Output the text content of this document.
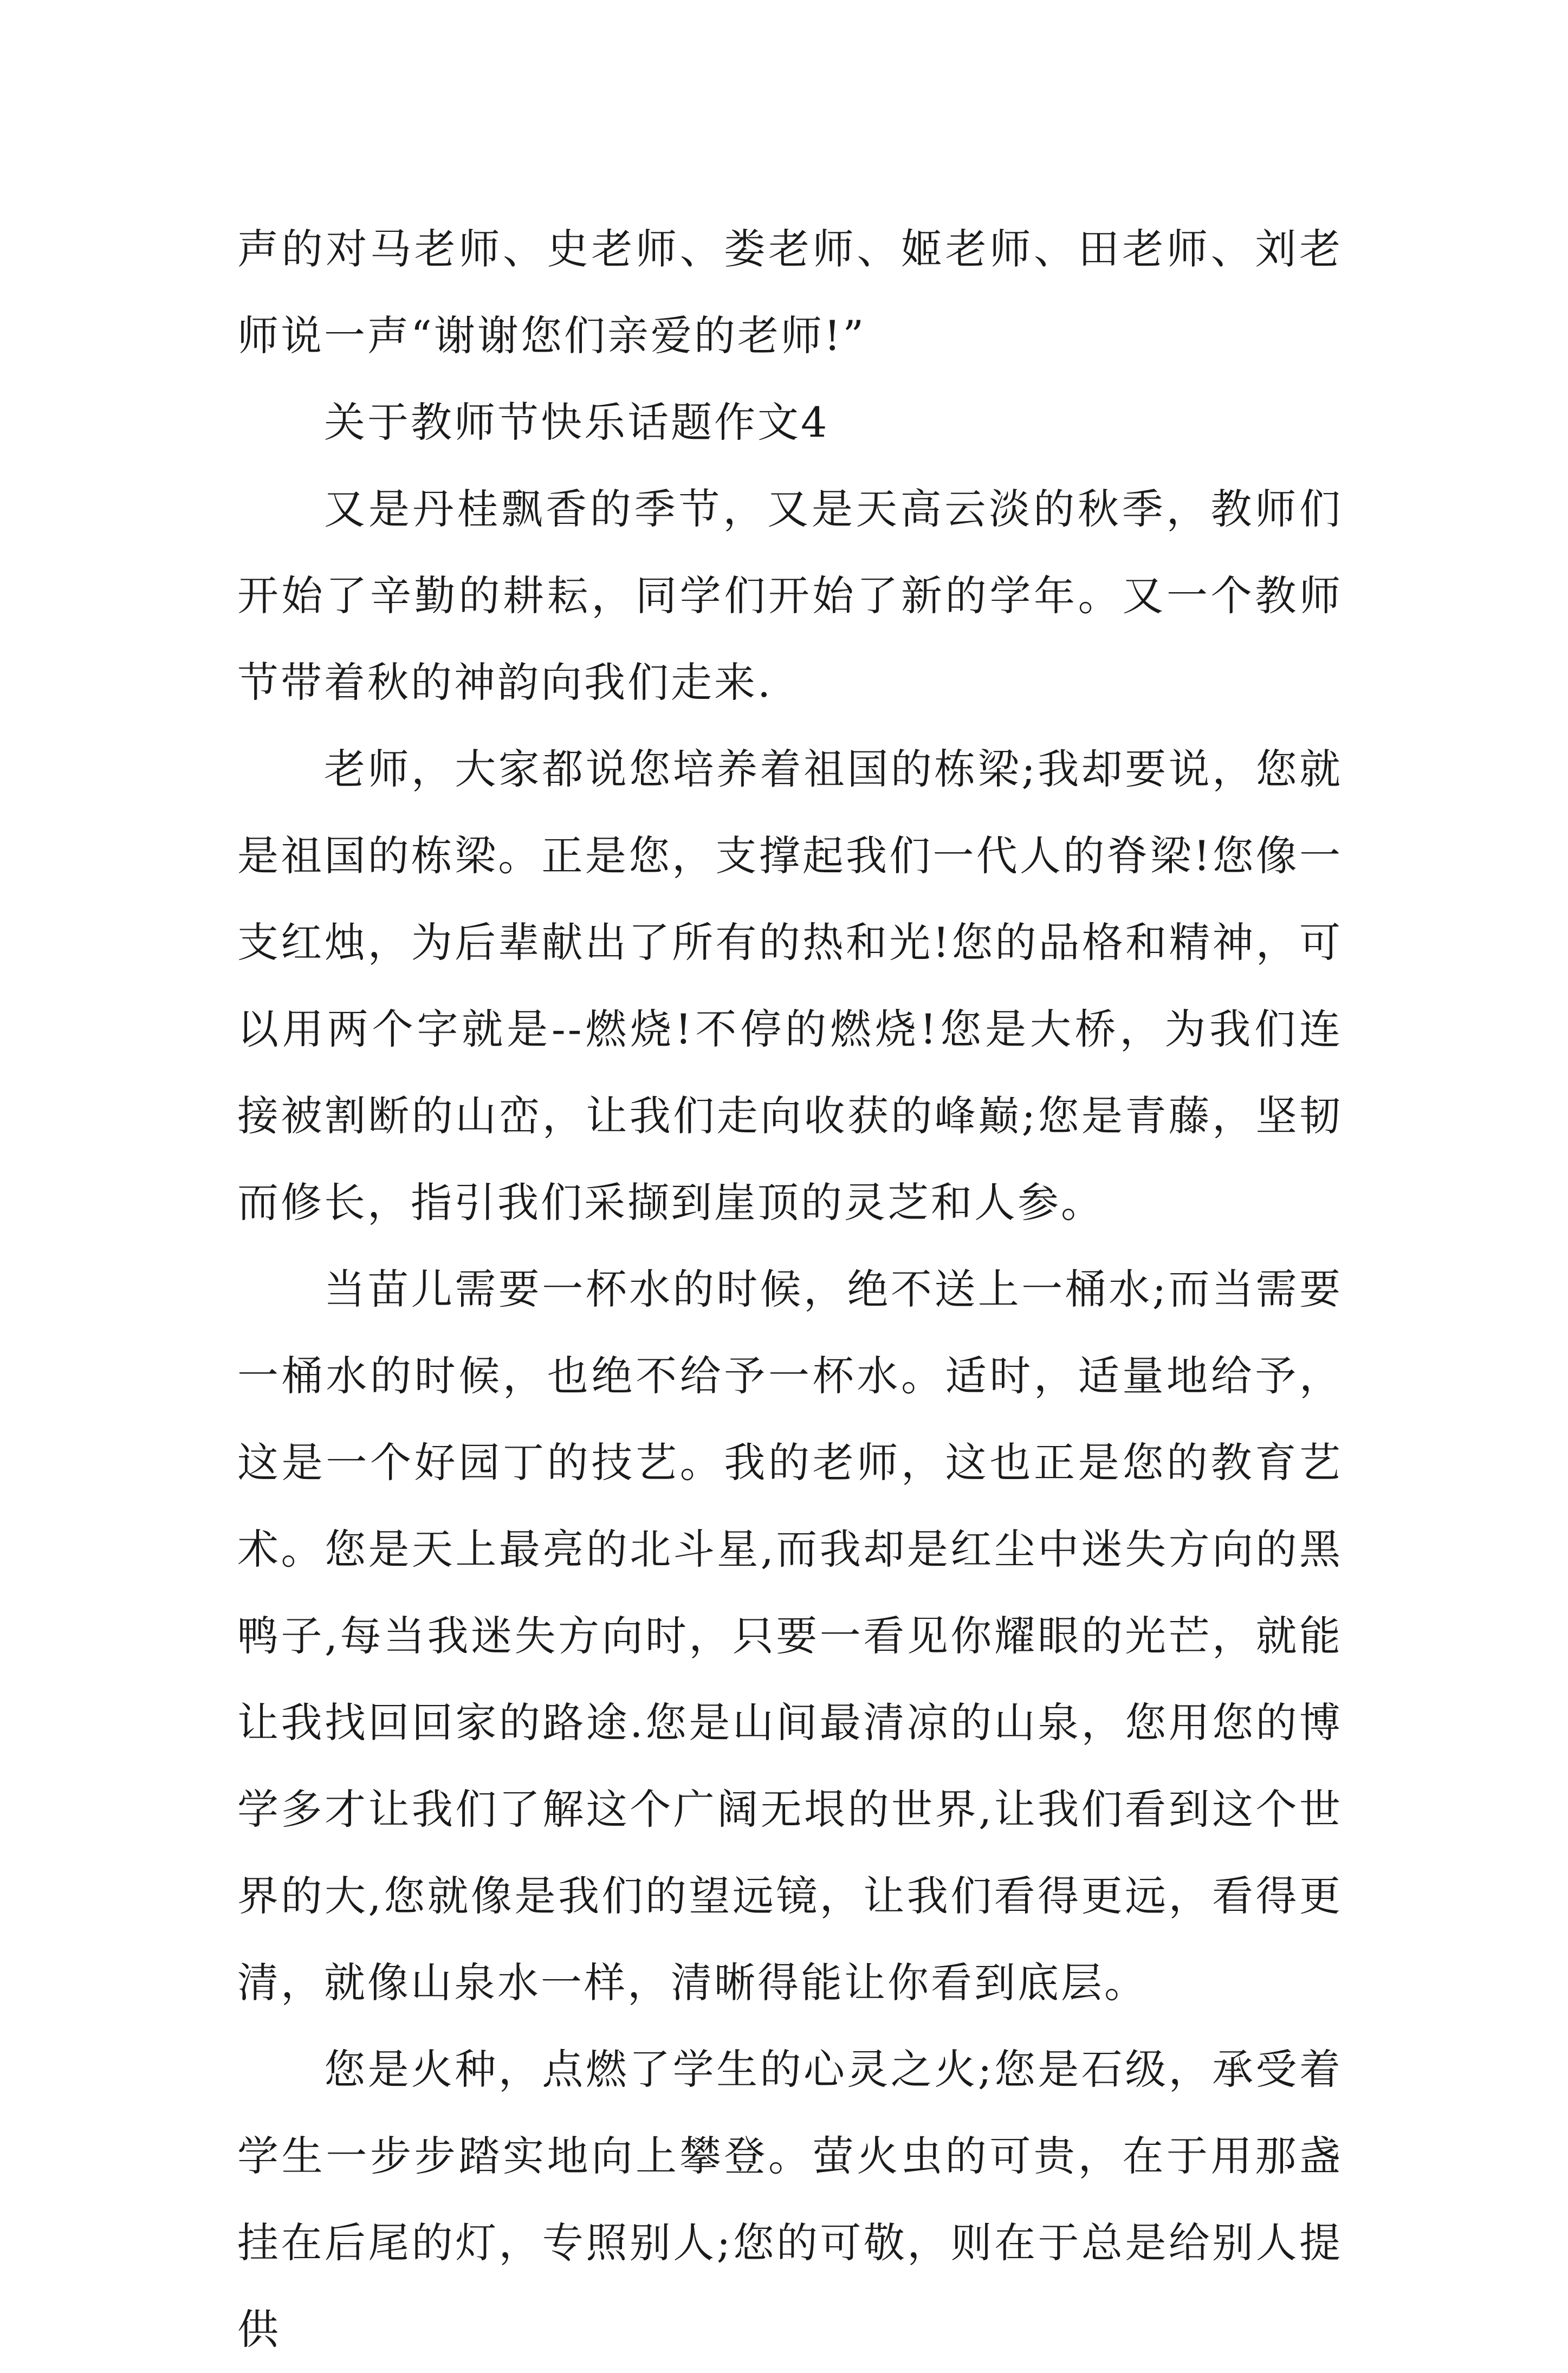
声的对马老师、史老师、娄老师、姬老师、田老师、刘老师说一声“谢谢您们亲爱的老师!”

关于教师节快乐话题作文4

又是丹桂飘香的季节，又是天高云淡的秋季，教师们开始了辛勤的耕耘，同学们开始了新的学年。又一个教师节带着秋的神韵向我们走来.

老师，大家都说您培养着祖国的栋梁;我却要说，您就是祖国的栋梁。正是您，支撑起我们一代人的脊梁!您像一支红烛，为后辈献出了所有的热和光!您的品格和精神，可以用两个字就是--燃烧!不停的燃烧!您是大桥，为我们连接被割断的山峦，让我们走向收获的峰巅;您是青藤，坚韧而修长，指引我们采撷到崖顶的灵芝和人参。

当苗儿需要一杯水的时候，绝不送上一桶水;而当需要一桶水的时候，也绝不给予一杯水。适时，适量地给予，这是一个好园丁的技艺。我的老师，这也正是您的教育艺术。您是天上最亮的北斗星,而我却是红尘中迷失方向的黑鸭子,每当我迷失方向时，只要一看见你耀眼的光芒，就能让我找回回家的路途.您是山间最清凉的山泉，您用您的博学多才让我们了解这个广阔无垠的世界,让我们看到这个世界的大,您就像是我们的望远镜，让我们看得更远，看得更清，就像山泉水一样，清晰得能让你看到底层。

您是火种，点燃了学生的心灵之火;您是石级，承受着学生一步步踏实地向上攀登。萤火虫的可贵，在于用那盏挂在后尾的灯，专照别人;您的可敬，则在于总是给别人提供
